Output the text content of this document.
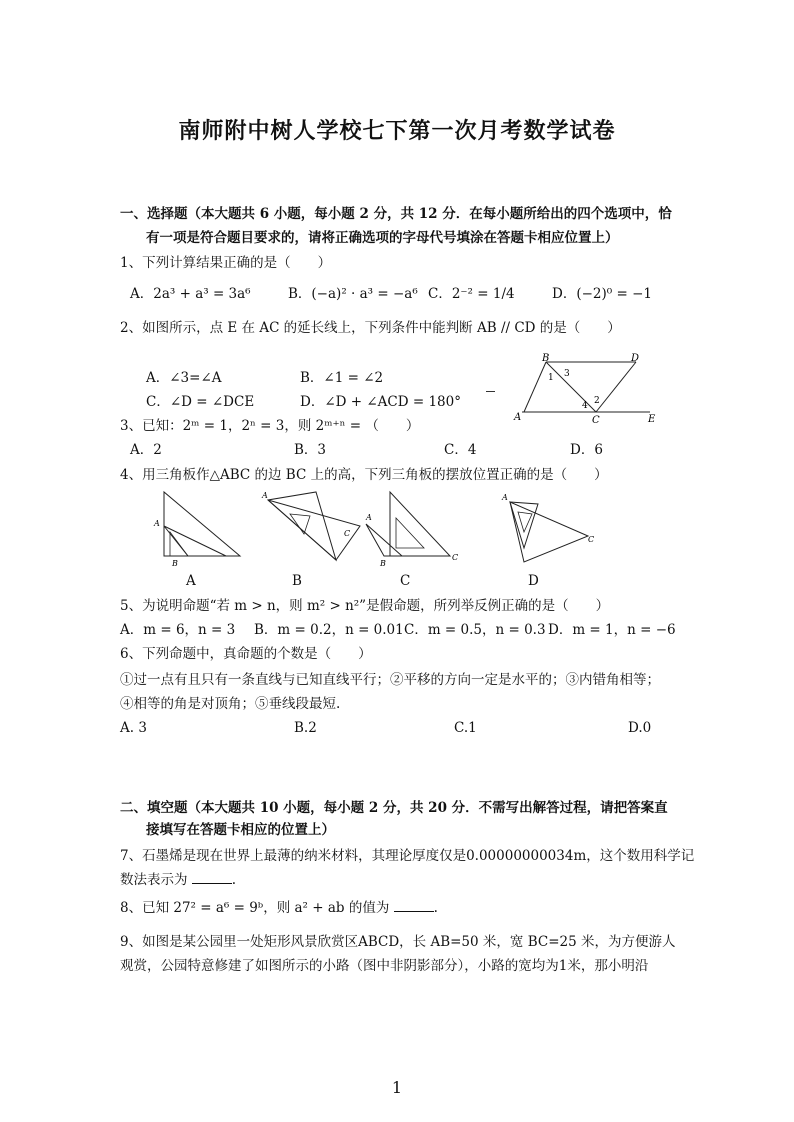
南师附中树人学校七下第一次月考数学试卷
一、选择题（本大题共 6 小题，每小题 2 分，共 12 分．在每小题所给出的四个选项中，恰
有一项是符合题目要求的，请将正确选项的字母代号填涂在答题卡相应位置上）
1、下列计算结果正确的是（　　）
A．2a³ + a³ = 3a⁶	B．(−a)² · a³ = −a⁶ C．2⁻² = 1/4	D．(−2)⁰ = −1
2、如图所示，点 E 在 AC 的延长线上，下列条件中能判断 AB // CD 的是（　　）
A．∠3=∠A	B．∠1 = ∠2
C．∠D = ∠DCE	D．∠D + ∠ACD = 180°
B	D
1 3
4 2
A	C	E
3、已知：2ᵐ = 1，2ⁿ = 3，则 2ᵐ⁺ⁿ = （　　）
A．2	B．3	C．4	D．6
4、用三角板作△ABC 的边 BC 上的高，下列三角板的摆放位置正确的是（　　）
A
B
A
C
A
B
C
A
C
A	B	C	D
5、为说明命题“若 m > n，则 m² > n²”是假命题，所列举反例正确的是（　　）
A．m = 6，n = 3 B．m = 0.2，n = 0.01 C．m = 0.5，n = 0.3 D．m = 1，n = −6
6、下列命题中，真命题的个数是（　　）
①过一点有且只有一条直线与已知直线平行；②平移的方向一定是水平的；③内错角相等；
④相等的角是对顶角；⑤垂线段最短.
A. 3	B.2	C.1	D.0
二、填空题（本大题共 10 小题，每小题 2 分，共 20 分．不需写出解答过程，请把答案直
接填写在答题卡相应的位置上）
7、石墨烯是现在世界上最薄的纳米材料，其理论厚度仅是0.00000000034m，这个数用科学记
数法表示为	.
8、已知 27² = a⁶ = 9ᵇ，则 a² + ab 的值为	.
9、如图是某公园里一处矩形风景欣赏区ABCD，长 AB=50 米，宽 BC=25 米，为方便游人
观赏，公园特意修建了如图所示的小路（图中非阴影部分），小路的宽均为1米，那小明沿
1
